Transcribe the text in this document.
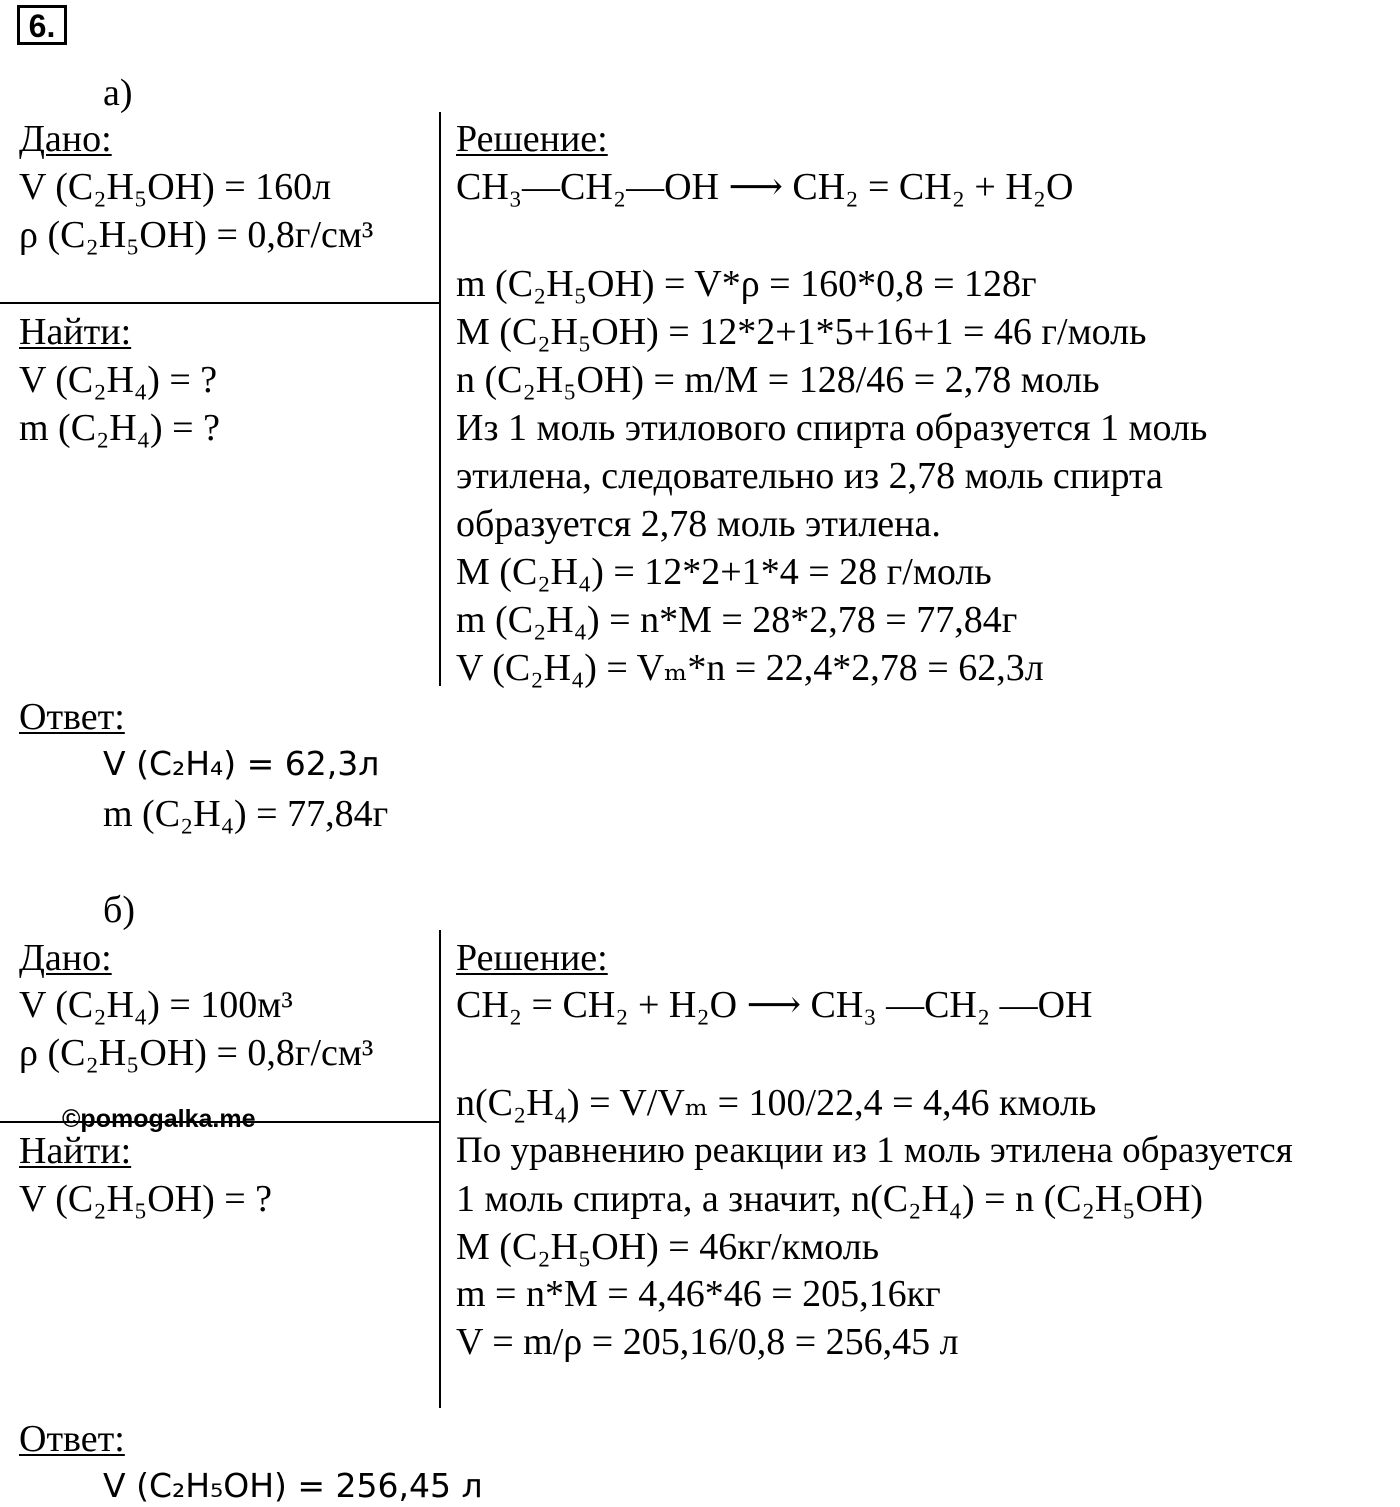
6.
а)
Дано:
V (C₂H₅OH) = 160л
ρ (C₂H₅OH) = 0,8г/см³
Найти:
V (C₂H₄) = ?
m (C₂H₄) = ?
Решение:
CH₃—CH₂—OH ⟶ CH₂ = CH₂ + H₂O
m (C₂H₅OH) = V*ρ = 160*0,8 = 128г
M (C₂H₅OH) = 12*2+1*5+16+1 = 46 г/моль
n (C₂H₅OH) = m/M = 128/46 = 2,78 моль
Из 1 моль этилового спирта образуется 1 моль
этилена, следовательно из 2,78 моль спирта
образуется 2,78 моль этилена.
M (C₂H₄) = 12*2+1*4 = 28 г/моль
m (C₂H₄) = n*M = 28*2,78 = 77,84г
V (C₂H₄) = Vₘ*n = 22,4*2,78 = 62,3л
Ответ:
V (C₂H₄) = 62,3л
m (C₂H₄) = 77,84г
б)
Дано:
V (C₂H₄) = 100м³
ρ (C₂H₅OH) = 0,8г/см³
©pomogalka.me
Найти:
V (C₂H₅OH) = ?
Решение:
CH₂ = CH₂ + H₂O ⟶ CH₃ —CH₂ —OH
n(C₂H₄) = V/Vₘ = 100/22,4 = 4,46 кмоль
По уравнению реакции из 1 моль этилена образуется
1 моль спирта, а значит, n(C₂H₄) = n (C₂H₅OH)
M (C₂H₅OH) = 46кг/кмоль
m = n*M = 4,46*46 = 205,16кг
V = m/ρ = 205,16/0,8 = 256,45 л
Ответ:
V (C₂H₅OH) = 256,45 л
